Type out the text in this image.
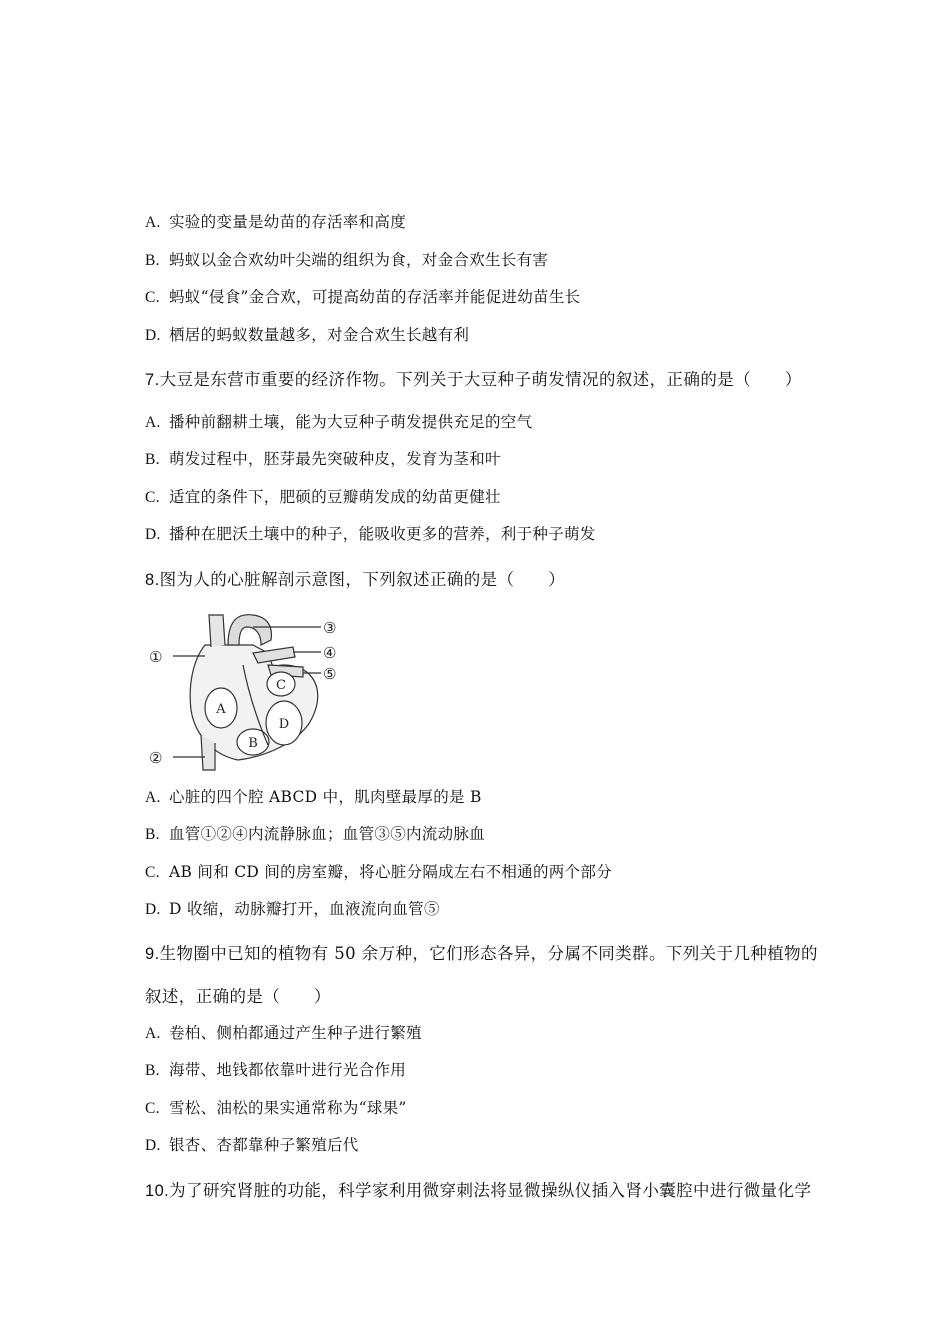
A. 实验的变量是幼苗的存活率和高度
B. 蚂蚁以金合欢幼叶尖端的组织为食，对金合欢生长有害
C. 蚂蚁“侵食”金合欢，可提高幼苗的存活率并能促进幼苗生长
D. 栖居的蚂蚁数量越多，对金合欢生长越有利
7.大豆是东营市重要的经济作物。下列关于大豆种子萌发情况的叙述，正确的是（　　）
A. 播种前翻耕土壤，能为大豆种子萌发提供充足的空气
B. 萌发过程中，胚芽最先突破种皮，发育为茎和叶
C. 适宜的条件下，肥硕的豆瓣萌发成的幼苗更健壮
D. 播种在肥沃土壤中的种子，能吸收更多的营养，利于种子萌发
8.图为人的心脏解剖示意图，下列叙述正确的是（　　）
①
②
③
④
⑤
A
B
C
D
A. 心脏的四个腔 ABCD 中，肌肉壁最厚的是 B
B. 血管①②④内流静脉血；血管③⑤内流动脉血
C. AB 间和 CD 间的房室瓣，将心脏分隔成左右不相通的两个部分
D. D 收缩，动脉瓣打开，血液流向血管⑤
9.生物圈中已知的植物有 50 余万种，它们形态各异，分属不同类群。下列关于几种植物的
叙述，正确的是（　　）
A. 卷柏、侧柏都通过产生种子进行繁殖
B. 海带、地钱都依靠叶进行光合作用
C. 雪松、油松的果实通常称为“球果”
D. 银杏、杏都靠种子繁殖后代
10.为了研究肾脏的功能，科学家利用微穿刺法将显微操纵仪插入肾小囊腔中进行微量化学
